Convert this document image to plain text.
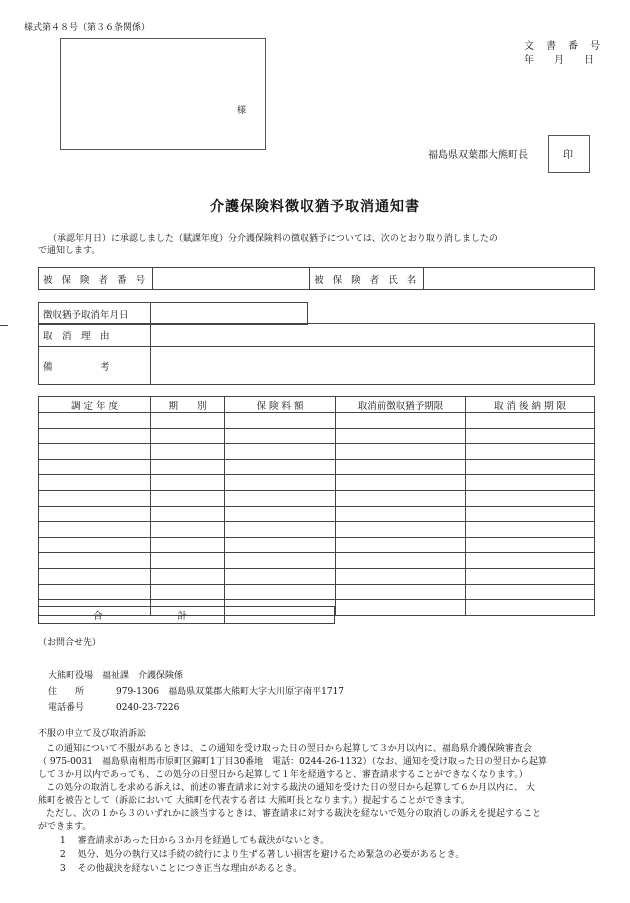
様式第４８号（第３６条関係）
文　書　番　号
年　　月　　日
様
福島県双葉郡大熊町長	印
介護保険料徴収猶予取消通知書
（承認年月日）に承認しました（賦課年度）分介護保険料の徴収猶予については、次のとおり取り消しましたの
で通知します。
被 保 険 者 番 号		被 保 険 者 氏 名	
徴収猶予取消年月日	
取　消　理　由	
備　　　　　考	
調 定 年 度	期　　別	保 険 料 額	取消前徴収猶予期限	取 消 後 納 期 限

合	計	
（お問合せ先）
大熊町役場　福祉課　介護保険係
住　　所	979-1306　福島県双葉郡大熊町大字大川原字南平1717
電話番号	0240-23-7226
不服の申立て及び取消訴訟

この通知について不服があるときは、この通知を受け取った日の翌日から起算して３か月以内に、福島県介護保険審査会

（ 975-0031　福島県南相馬市原町区錦町1丁目30番地　電話：0244-26-1132）（なお、通知を受け取った日の翌日から起算

して３か月以内であっても、この処分の日翌日から起算して１年を経過すると、審査請求することができなくなります。）

この処分の取消しを求める訴えは、前述の審査請求に対する裁決の通知を受けた日の翌日から起算して６か月以内に、 大

熊町を被告として（訴訟において 大熊町を代表する者は 大熊町長となります。）提起することができます。

ただし、次の１から３のいずれかに該当するときは、審査請求に対する裁決を経ないで処分の取消しの訴えを提起すること

ができます。

1　 審査請求があった日から３か月を経過しても裁決がないとき。

2　 処分、処分の執行又は手続の続行により生ずる著しい損害を避けるため緊急の必要があるとき。

3　 その他裁決を経ないことにつき正当な理由があるとき。
